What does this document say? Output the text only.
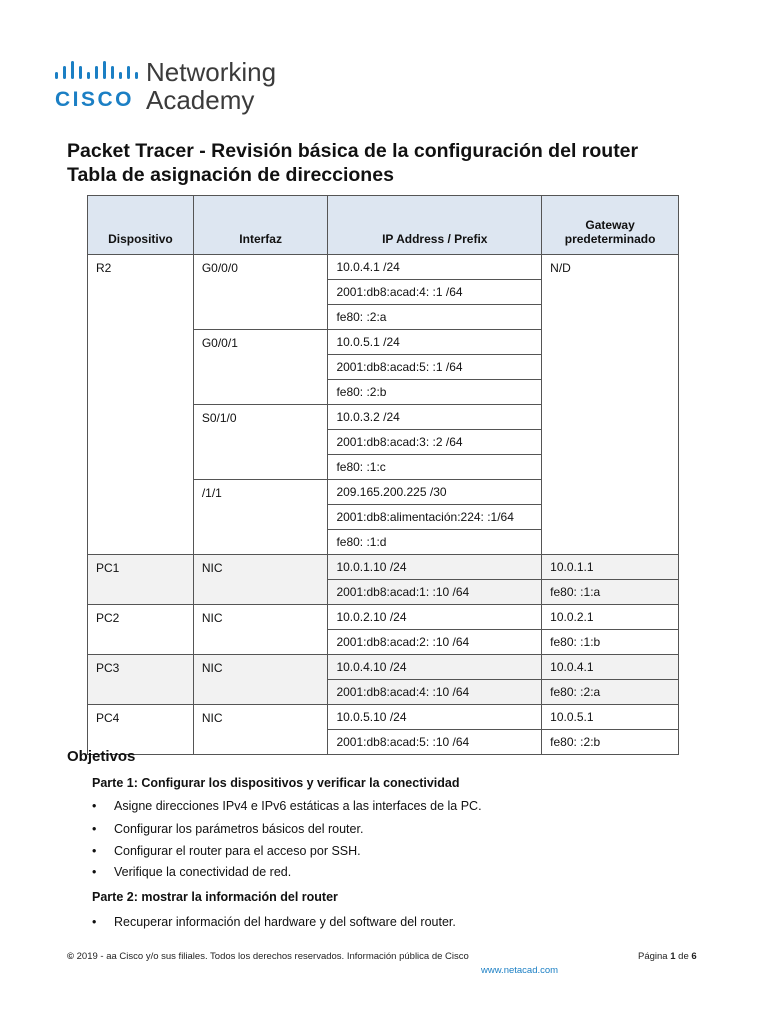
CISCO
Networking
Academy
Packet Tracer - Revisión básica de la configuración del router
Tabla de asignación de direcciones
Dispositivo	Interfaz	IP Address / Prefix	Gateway predeterminado
R2	G0/0/0	10.0.4.1 /24	N/D
		2001:db8:acad:4: :1 /64	
		fe80: :2:a	
	G0/0/1	10.0.5.1 /24	
		2001:db8:acad:5: :1 /64	
		fe80: :2:b	
	S0/1/0	10.0.3.2 /24	
		2001:db8:acad:3: :2 /64	
		fe80: :1:c	
	/1/1	209.165.200.225 /30	
		2001:db8:alimentación:224: :1/64	
		fe80: :1:d	
PC1	NIC	10.0.1.10 /24	10.0.1.1
		2001:db8:acad:1: :10 /64	fe80: :1:a
PC2	NIC	10.0.2.10 /24	10.0.2.1
		2001:db8:acad:2: :10 /64	fe80: :1:b
PC3	NIC	10.0.4.10 /24	10.0.4.1
		2001:db8:acad:4: :10 /64	fe80: :2:a
PC4	NIC	10.0.5.10 /24	10.0.5.1
		2001:db8:acad:5: :10 /64	fe80: :2:b
Objetivos
Parte 1: Configurar los dispositivos y verificar la conectividad
• Asigne direcciones IPv4 e IPv6 estáticas a las interfaces de la PC.
• Configurar los parámetros básicos del router.
• Configurar el router para el acceso por SSH.
• Verifique la conectividad de red.
Parte 2: mostrar la información del router
• Recuperar información del hardware y del software del router.
© 2019 - aa Cisco y/o sus filiales. Todos los derechos reservados. Información pública de Cisco	Página 1 de 6
www.netacad.com
